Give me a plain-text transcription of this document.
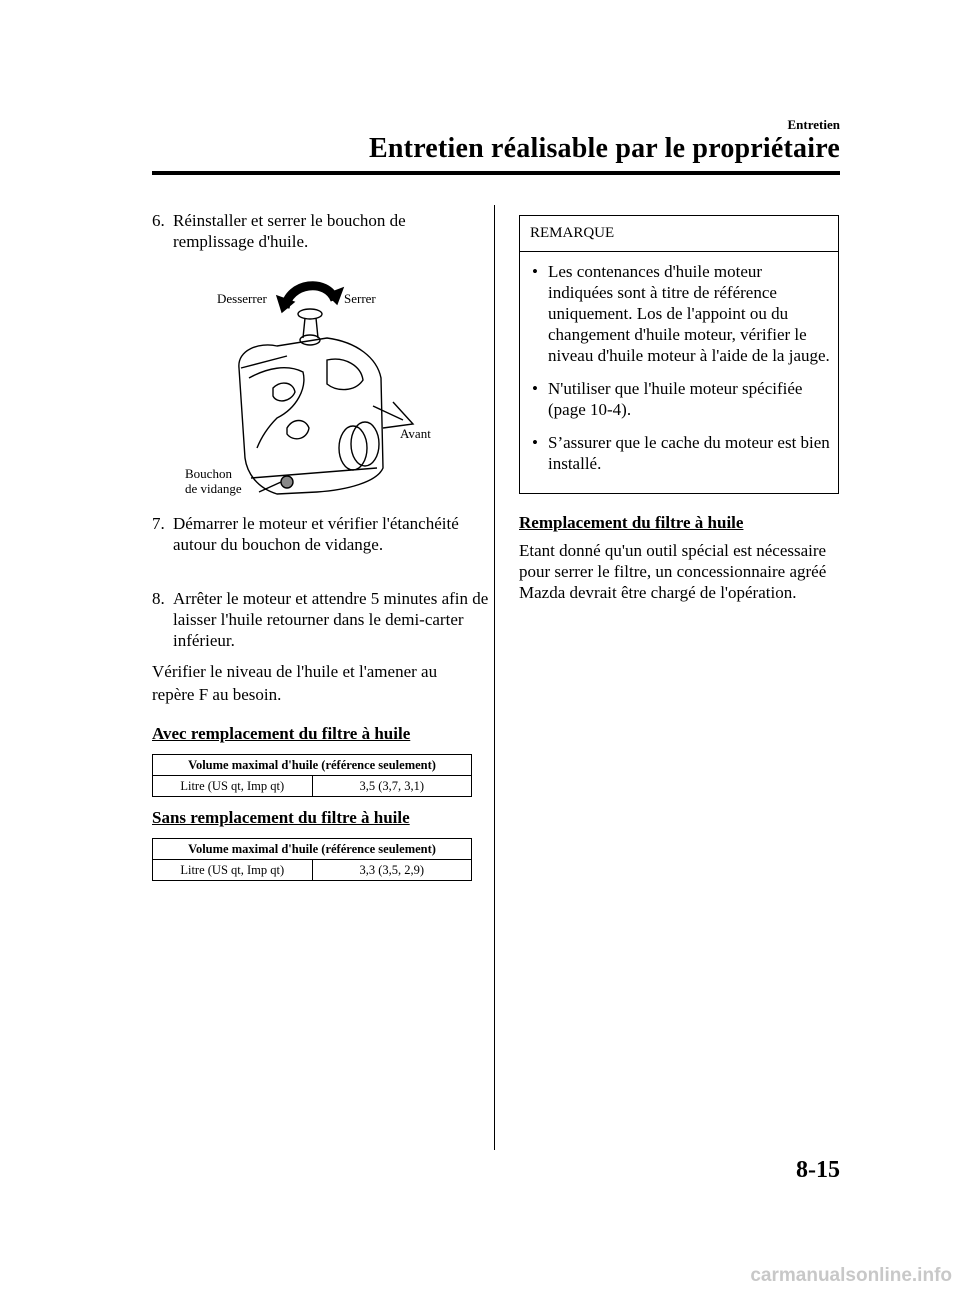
Entretien
Entretien réalisable par le propriétaire
6. Réinstaller et serrer le bouchon de remplissage d'huile.
Desserrer	Serrer
Avant
Bouchon
de vidange
7. Démarrer le moteur et vérifier l'étanchéité autour du bouchon de vidange.
8. Arrêter le moteur et attendre 5 minutes afin de laisser l'huile retourner dans le demi-carter inférieur.
Vérifier le niveau de l'huile et l'amener au repère F au besoin.
Avec remplacement du filtre à huile
Volume maximal d'huile (référence seulement)
Litre (US qt, Imp qt)	3,5 (3,7, 3,1)
Sans remplacement du filtre à huile
Volume maximal d'huile (référence seulement)
Litre (US qt, Imp qt)	3,3 (3,5, 2,9)
REMARQUE
• Les contenances d'huile moteur indiquées sont à titre de référence uniquement. Los de l'appoint ou du changement d'huile moteur, vérifier le niveau d'huile moteur à l'aide de la jauge.
• N'utiliser que l'huile moteur spécifiée (page 10-4).
• S’assurer que le cache du moteur est bien installé.
Remplacement du filtre à huile
Etant donné qu'un outil spécial est nécessaire pour serrer le filtre, un concessionnaire agréé Mazda devrait être chargé de l'opération.
8-15
carmanualsonline.info
